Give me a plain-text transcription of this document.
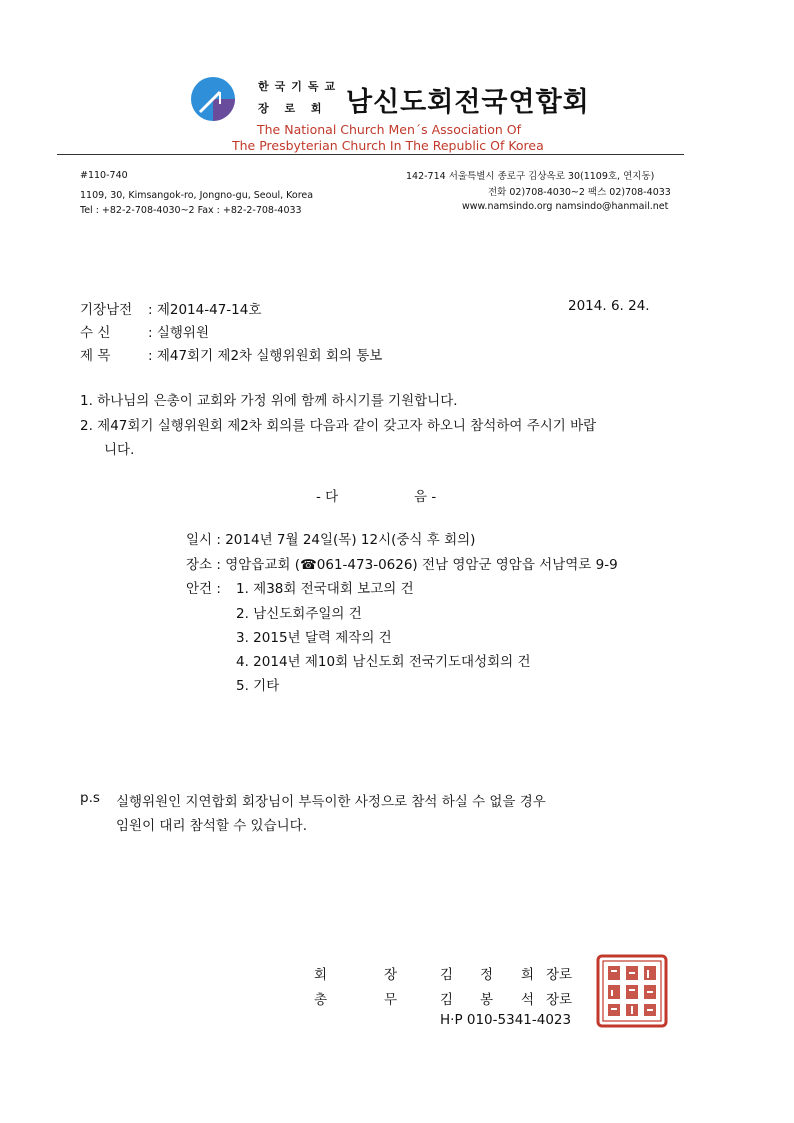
한국기독교
장 로 회 남신도회전국연합회
The National Church Men´s Association Of
The Presbyterian Church In The Republic Of Korea
#110-740
1109, 30, Kimsangok-ro, Jongno-gu, Seoul, Korea
Tel : +82-2-708-4030~2 Fax : +82-2-708-4033
142-714 서울특별시 종로구 김상옥로 30(1109호, 연지동)
전화 02)708-4030~2 팩스 02)708-4033
www.namsindo.org namsindo@hanmail.net
기장남전 : 제2014-47-14호	2014. 6. 24.
수 신	: 실행위원
제 목	: 제47회기 제2차 실행위원회 회의 통보
1. 하나님의 은총이 교회와 가정 위에 함께 하시기를 기원합니다.
2. 제47회기 실행위원회 제2차 회의를 다음과 같이 갖고자 하오니 참석하여 주시기 바랍
니다.
- 다	음 -
일시 : 2014년 7월 24일(목) 12시(중식 후 회의)
장소 : 영암읍교회 (☎061-473-0626) 전남 영암군 영암읍 서남역로 9-9
안건 : 1. 제38회 전국대회 보고의 건
2. 남신도회주일의 건
3. 2015년 달력 제작의 건
4. 2014년 제10회 남신도회 전국기도대성회의 건
5. 기타
p.s 실행위원인 지연합회 회장님이 부득이한 사정으로 참석 하실 수 없을 경우
임원이 대리 참석할 수 있습니다.
회	장	김 정 희 장로
총	무	김 봉 석 장로
H·P 010-5341-4023
